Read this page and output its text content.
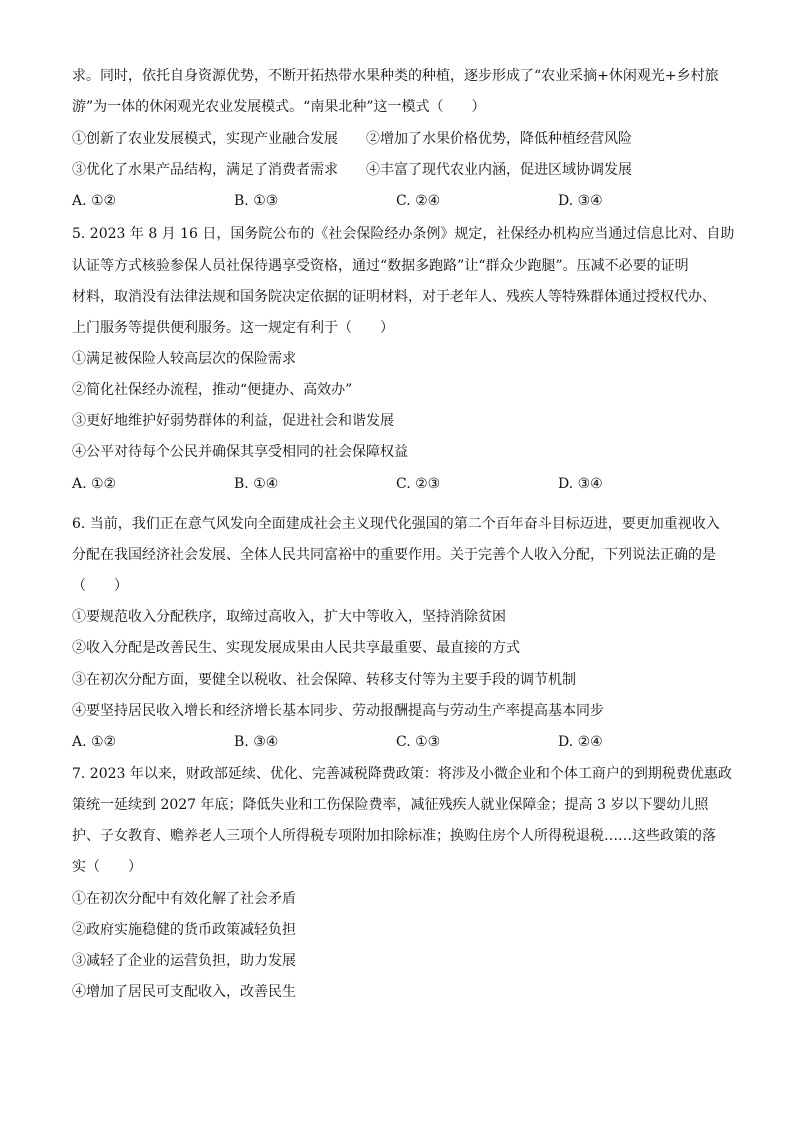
求。同时，依托自身资源优势，不断开拓热带水果种类的种植，逐步形成了“农业采摘+休闲观光+乡村旅
游”为一体的休闲观光农业发展模式。“南果北种”这一模式（　　）
①创新了农业发展模式，实现产业融合发展 ②增加了水果价格优势，降低种植经营风险
③优化了水果产品结构，满足了消费者需求 ④丰富了现代农业内涵，促进区域协调发展
A. ①②	B. ①③	C. ②④	D. ③④
5. 2023 年 8 月 16 日，国务院公布的《社会保险经办条例》规定，社保经办机构应当通过信息比对、自助
认证等方式核验参保人员社保待遇享受资格，通过“数据多跑路”让“群众少跑腿”。压减不必要的证明
材料，取消没有法律法规和国务院决定依据的证明材料，对于老年人、残疾人等特殊群体通过授权代办、
上门服务等提供便利服务。这一规定有利于（　　）
①满足被保险人较高层次的保险需求
②简化社保经办流程，推动“便捷办、高效办”
③更好地维护好弱势群体的利益，促进社会和谐发展
④公平对待每个公民并确保其享受相同的社会保障权益
A. ①②	B. ①④	C. ②③	D. ③④
6. 当前，我们正在意气风发向全面建成社会主义现代化强国的第二个百年奋斗目标迈进，要更加重视收入
分配在我国经济社会发展、全体人民共同富裕中的重要作用。关于完善个人收入分配，下列说法正确的是
（　　）
①要规范收入分配秩序，取缔过高收入，扩大中等收入，坚持消除贫困
②收入分配是改善民生、实现发展成果由人民共享最重要、最直接的方式
③在初次分配方面，要健全以税收、社会保障、转移支付等为主要手段的调节机制
④要坚持居民收入增长和经济增长基本同步、劳动报酬提高与劳动生产率提高基本同步
A. ①②	B. ③④	C. ①③	D. ②④
7. 2023 年以来，财政部延续、优化、完善减税降费政策：将涉及小微企业和个体工商户的到期税费优惠政
策统一延续到 2027 年底；降低失业和工伤保险费率，减征残疾人就业保障金；提高 3 岁以下婴幼儿照
护、子女教育、赡养老人三项个人所得税专项附加扣除标准；换购住房个人所得税退税……这些政策的落
实（　　）
①在初次分配中有效化解了社会矛盾
②政府实施稳健的货币政策减轻负担
③减轻了企业的运营负担，助力发展
④增加了居民可支配收入，改善民生
